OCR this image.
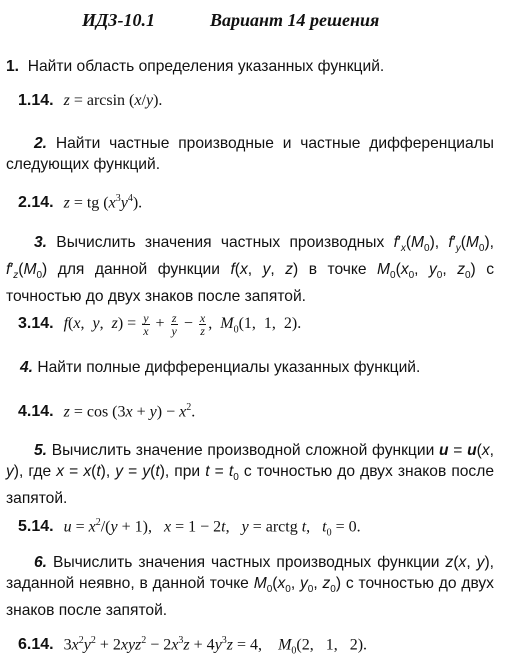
ИДЗ-10.1	Вариант 14 решения
1. Найти область определения указанных функций.
1.14. z = arcsin (x/y).
2. Найти частные производные и частные дифференциалы следующих функций.
2.14. z = tg $(x^3y^4)$.
3. Вычислить значения частных производных $f'_x(M_0)$, $f'_y(M_0)$, $f'_z(M_0)$ для данной функции f(x, y, z) в точке $M_0(x_0$, $y_0$, $z_0$) с точностью до двух знаков после запятой.
3.14. f(x,  y,  $z) = \frac{y}{x} + \frac{z}{y} - \frac{x}{z}$ ,  $M_0(1$,  1,  2).
4. Найти полные дифференциалы указанных функций.
4.14. $z = \cos (3x + y) - x^2$.
5. Вычислить значение производной сложной функции u = u(x, y), где x = x(t), y = y(t), при $t = t_0$ с точностью до двух знаков после запятой.
5.14. $u = x^2/(y + 1)$,   x = 1 − 2t,   y = arctg t,   $t_0 = 0$.
6. Вычислить значения частных производных функции z(x, y), заданной неявно, в данной точке $M_0(x_0$, $y_0$, $z_0$) с точностью до двух знаков после запятой.
6.14. $3x^2y^2 + 2xyz^2 - 2x^3z + 4y^3z = 4$,    $M_0(2$,   1,   2).
